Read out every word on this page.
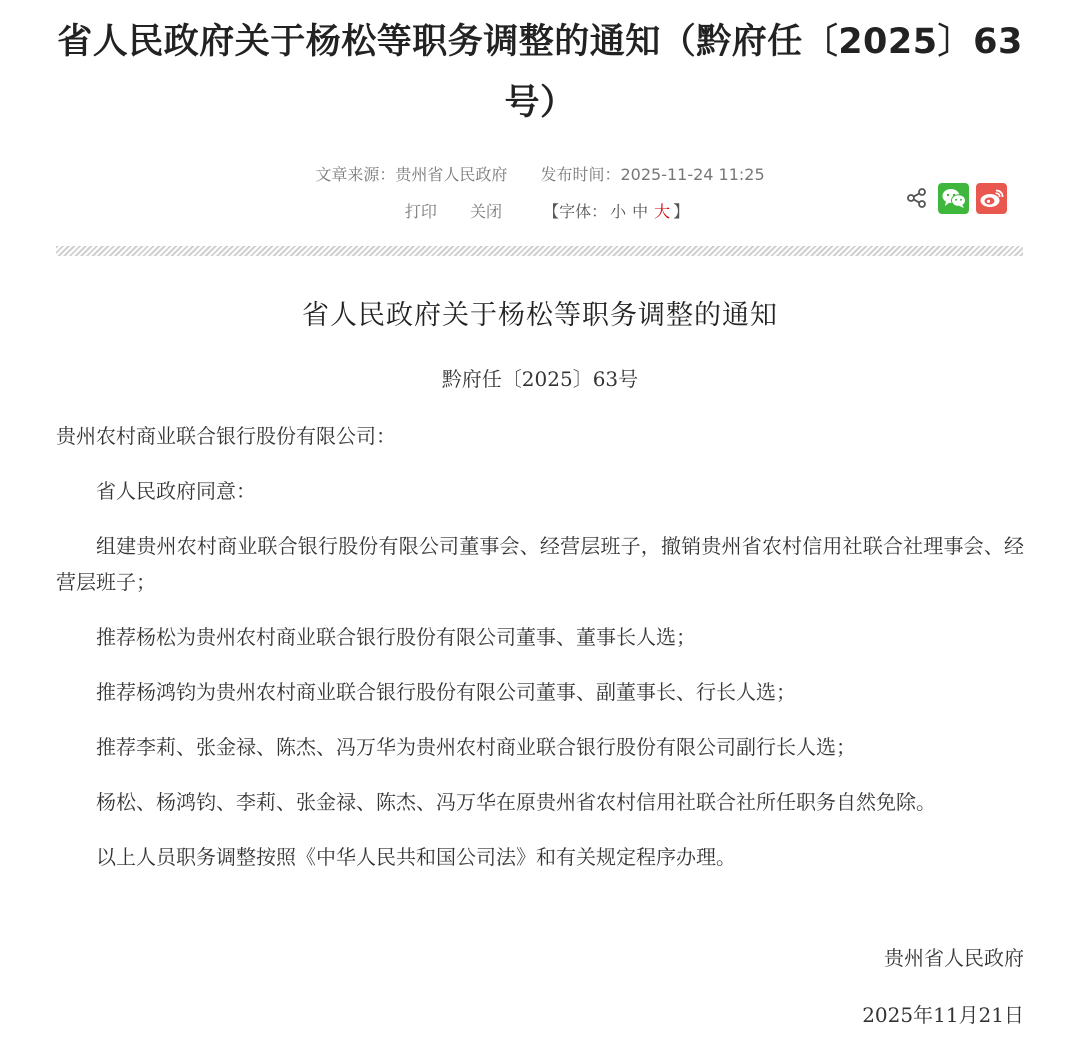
省人民政府关于杨松等职务调整的通知（黔府任〔2025〕63号）
文章来源：贵州省人民政府 发布时间：2025-11-24 11:25
打印 关闭	【字体： 小 中 大 】
省人民政府关于杨松等职务调整的通知
黔府任〔2025〕63号

贵州农村商业联合银行股份有限公司：

省人民政府同意：

组建贵州农村商业联合银行股份有限公司董事会、经营层班子，撤销贵州省农村信用社联合社理事会、经营层班子；

推荐杨松为贵州农村商业联合银行股份有限公司董事、董事长人选；

推荐杨鸿钧为贵州农村商业联合银行股份有限公司董事、副董事长、行长人选；

推荐李莉、张金禄、陈杰、冯万华为贵州农村商业联合银行股份有限公司副行长人选；

杨松、杨鸿钧、李莉、张金禄、陈杰、冯万华在原贵州省农村信用社联合社所任职务自然免除。

以上人员职务调整按照《中华人民共和国公司法》和有关规定程序办理。

贵州省人民政府
2025年11月21日
